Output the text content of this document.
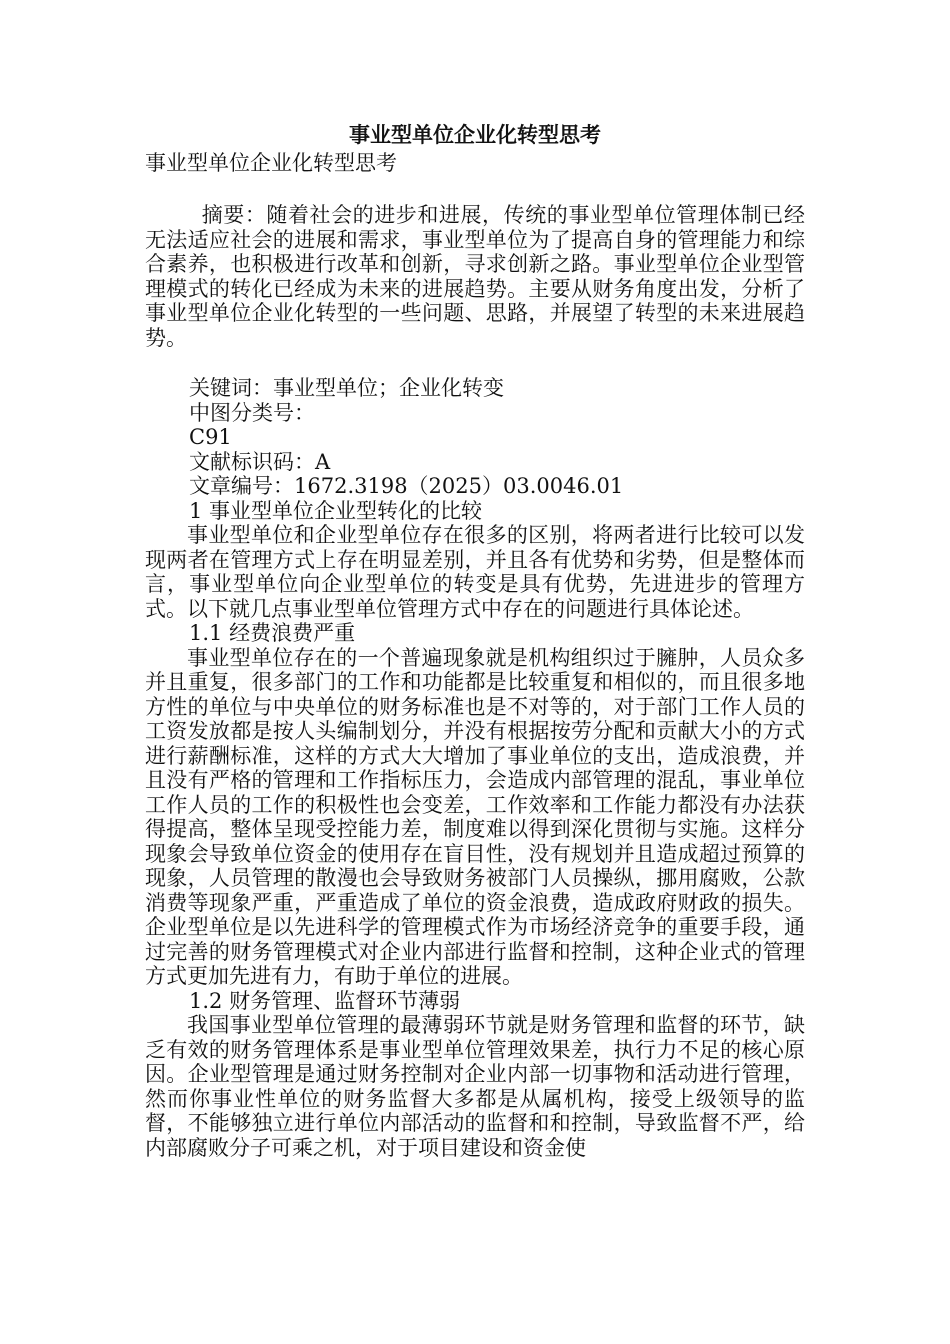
事业型单位企业化转型思考

事业型单位企业化转型思考

摘要：随着社会的进步和进展，传统的事业型单位管理体制已经无法适应社会的进展和需求，事业型单位为了提高自身的管理能力和综合素养，也积极进行改革和创新，寻求创新之路。事业型单位企业型管理模式的转化已经成为未来的进展趋势。主要从财务角度出发，分析了事业型单位企业化转型的一些问题、思路，并展望了转型的未来进展趋势。

关键词：事业型单位；企业化转变

中图分类号：

C91

文献标识码：A

文章编号：1672.3198（2025）03.0046.01

1 事业型单位企业型转化的比较

事业型单位和企业型单位存在很多的区别，将两者进行比较可以发现两者在管理方式上存在明显差别，并且各有优势和劣势，但是整体而言，事业型单位向企业型单位的转变是具有优势，先进进步的管理方式。以下就几点事业型单位管理方式中存在的问题进行具体论述。

1.1 经费浪费严重

事业型单位存在的一个普遍现象就是机构组织过于臃肿，人员众多并且重复，很多部门的工作和功能都是比较重复和相似的，而且很多地方性的单位与中央单位的财务标准也是不对等的，对于部门工作人员的工资发放都是按人头编制划分，并没有根据按劳分配和贡献大小的方式进行薪酬标准，这样的方式大大增加了事业单位的支出，造成浪费，并且没有严格的管理和工作指标压力，会造成内部管理的混乱，事业单位工作人员的工作的积极性也会变差，工作效率和工作能力都没有办法获得提高，整体呈现受控能力差，制度难以得到深化贯彻与实施。这样分现象会导致单位资金的使用存在盲目性，没有规划并且造成超过预算的现象，人员管理的散漫也会导致财务被部门人员操纵，挪用腐败，公款消费等现象严重，严重造成了单位的资金浪费，造成政府财政的损失。企业型单位是以先进科学的管理模式作为市场经济竞争的重要手段，通过完善的财务管理模式对企业内部进行监督和控制，这种企业式的管理方式更加先进有力，有助于单位的进展。

1.2 财务管理、监督环节薄弱

我国事业型单位管理的最薄弱环节就是财务管理和监督的环节，缺乏有效的财务管理体系是事业型单位管理效果差，执行力不足的核心原因。企业型管理是通过财务控制对企业内部一切事物和活动进行管理，然而你事业性单位的财务监督大多都是从属机构，接受上级领导的监督，不能够独立进行单位内部活动的监督和和控制，导致监督不严，给内部腐败分子可乘之机，对于项目建设和资金使
